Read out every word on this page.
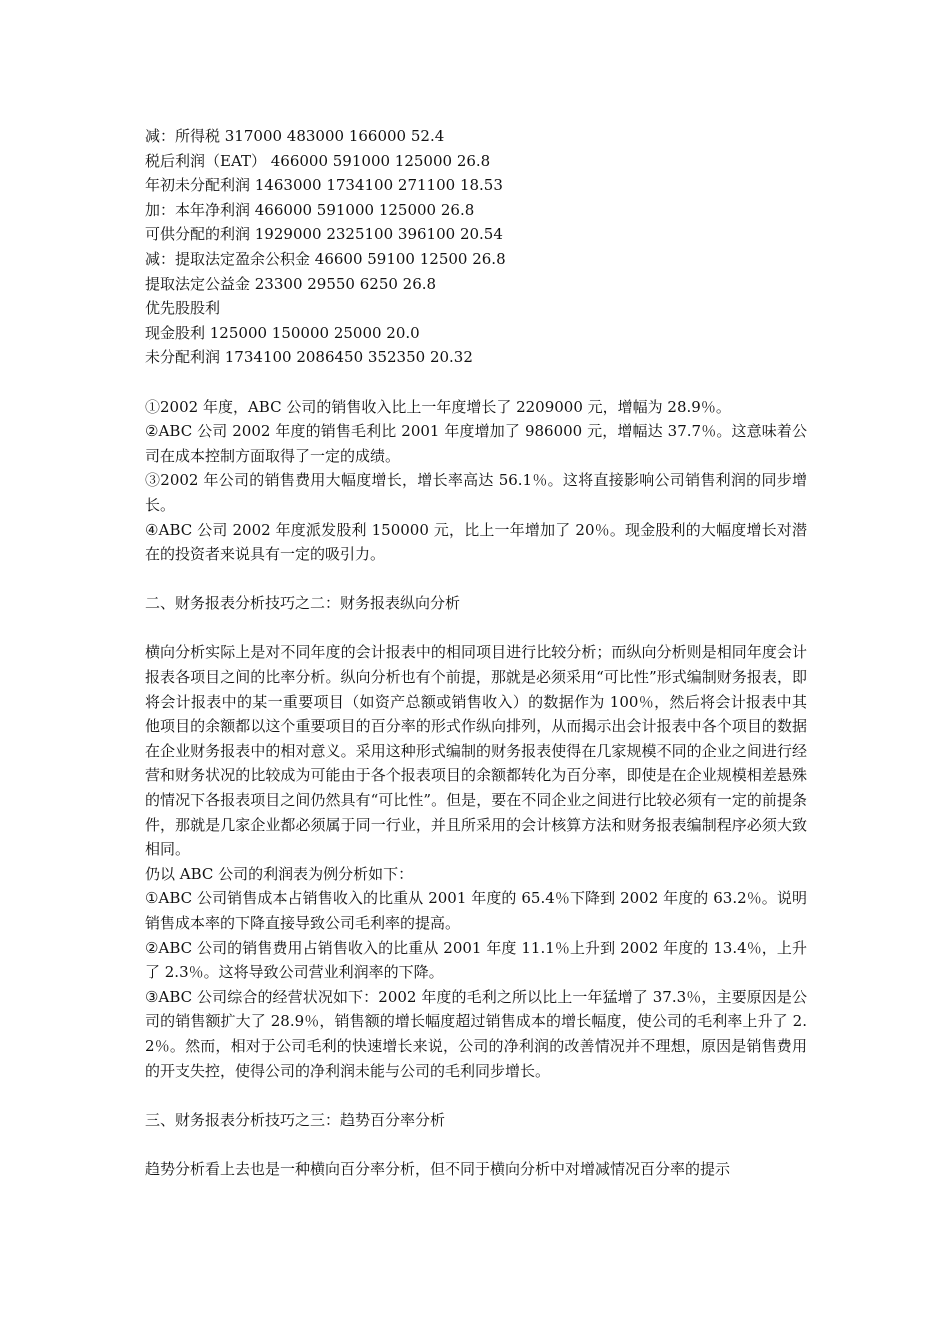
减：所得税 317000 483000 166000 52.4

税后利润（EAT） 466000 591000 125000 26.8

年初未分配利润 1463000 1734100 271100 18.53

加：本年净利润 466000 591000 125000 26.8

可供分配的利润 1929000 2325100 396100 20.54

减：提取法定盈余公积金 46600 59100 12500 26.8

提取法定公益金 23300 29550 6250 26.8

优先股股利

现金股利 125000 150000 25000 20.0

未分配利润 1734100 2086450 352350 20.32

①2002 年度，ABC 公司的销售收入比上一年度增长了 2209000 元，增幅为 28.9％。

②ABC 公司 2002 年度的销售毛利比 2001 年度增加了 986000 元，增幅达 37.7％。这意味着公司在成本控制方面取得了一定的成绩。

③2002 年公司的销售费用大幅度增长，增长率高达 56.1％。这将直接影响公司销售利润的同步增长。

④ABC 公司 2002 年度派发股利 150000 元，比上一年增加了 20％。现金股利的大幅度增长对潜在的投资者来说具有一定的吸引力。

二、财务报表分析技巧之二：财务报表纵向分析

横向分析实际上是对不同年度的会计报表中的相同项目进行比较分析；而纵向分析则是相同年度会计报表各项目之间的比率分析。纵向分析也有个前提，那就是必须采用“可比性”形式编制财务报表，即将会计报表中的某一重要项目（如资产总额或销售收入）的数据作为 100％，然后将会计报表中其他项目的余额都以这个重要项目的百分率的形式作纵向排列，从而揭示出会计报表中各个项目的数据在企业财务报表中的相对意义。采用这种形式编制的财务报表使得在几家规模不同的企业之间进行经营和财务状况的比较成为可能由于各个报表项目的余额都转化为百分率，即使是在企业规模相差悬殊的情况下各报表项目之间仍然具有“可比性”。但是，要在不同企业之间进行比较必须有一定的前提条件，那就是几家企业都必须属于同一行业，并且所采用的会计核算方法和财务报表编制程序必须大致相同。

仍以 ABC 公司的利润表为例分析如下：

①ABC 公司销售成本占销售收入的比重从 2001 年度的 65.4％下降到 2002 年度的 63.2％。说明销售成本率的下降直接导致公司毛利率的提高。

②ABC 公司的销售费用占销售收入的比重从 2001 年度 11.1％上升到 2002 年度的 13.4％，上升了 2.3％。这将导致公司营业利润率的下降。

③ABC 公司综合的经营状况如下：2002 年度的毛利之所以比上一年猛增了 37.3％，主要原因是公司的销售额扩大了 28.9％，销售额的增长幅度超过销售成本的增长幅度，使公司的毛利率上升了 2.2％。然而，相对于公司毛利的快速增长来说，公司的净利润的改善情况并不理想，原因是销售费用的开支失控，使得公司的净利润未能与公司的毛利同步增长。

三、财务报表分析技巧之三：趋势百分率分析

趋势分析看上去也是一种横向百分率分析，但不同于横向分析中对增减情况百分率的提示
